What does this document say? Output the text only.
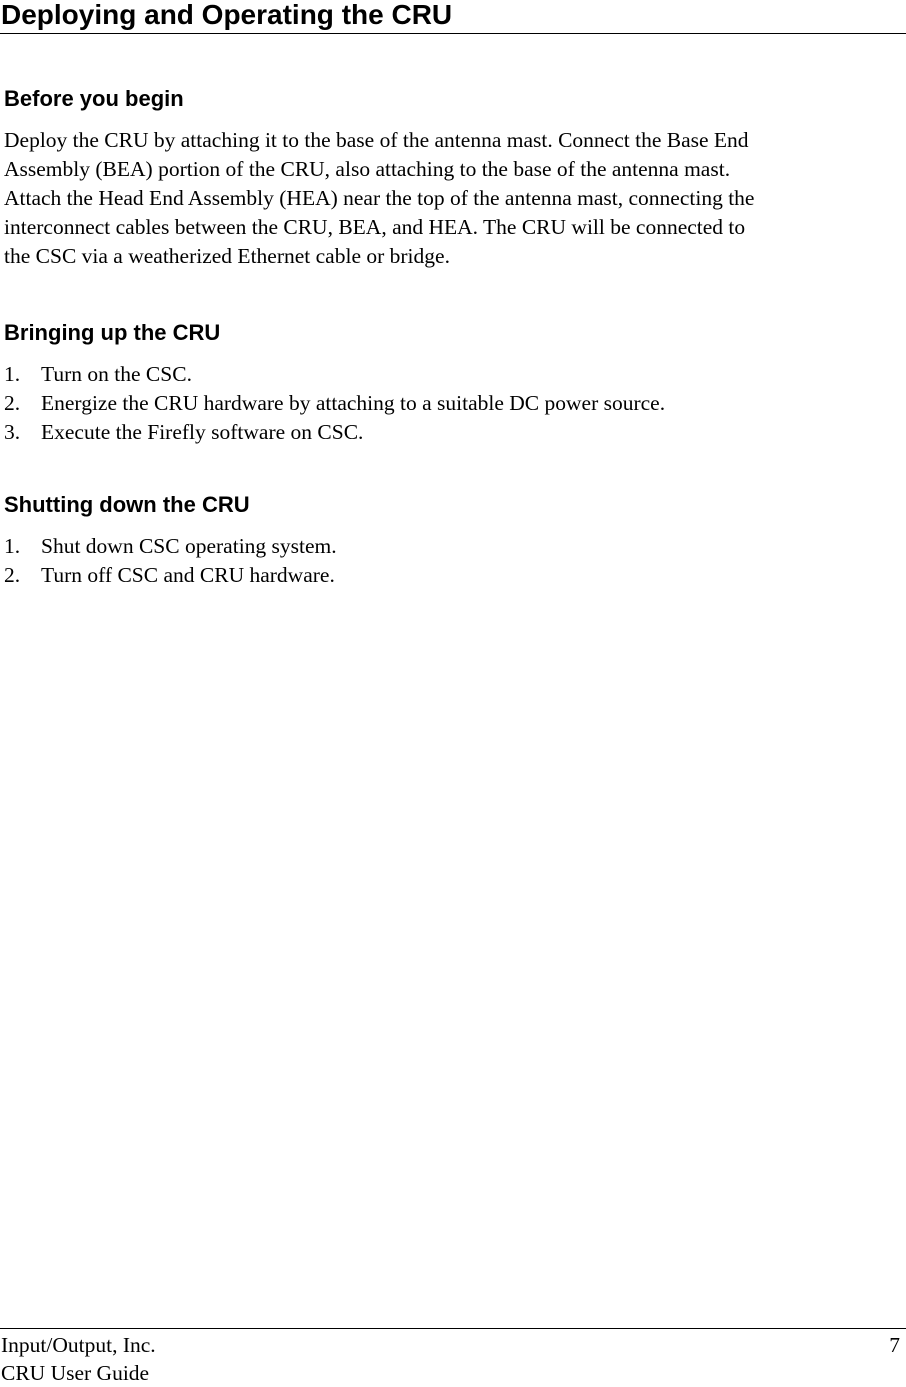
Deploying and Operating the CRU
Before you begin

Deploy the CRU by attaching it to the base of the antenna mast. Connect the Base End
Assembly (BEA) portion of the CRU, also attaching to the base of the antenna mast.
Attach the Head End Assembly (HEA) near the top of the antenna mast, connecting the
interconnect cables between the CRU, BEA, and HEA. The CRU will be connected to
the CSC via a weatherized Ethernet cable or bridge.

Bringing up the CRU
1. Turn on the CSC.
2. Energize the CRU hardware by attaching to a suitable DC power source.
3. Execute the Firefly software on CSC.
Shutting down the CRU
1. Shut down CSC operating system.
2. Turn off CSC and CRU hardware.
Input/Output, Inc.	7
CRU User Guide
